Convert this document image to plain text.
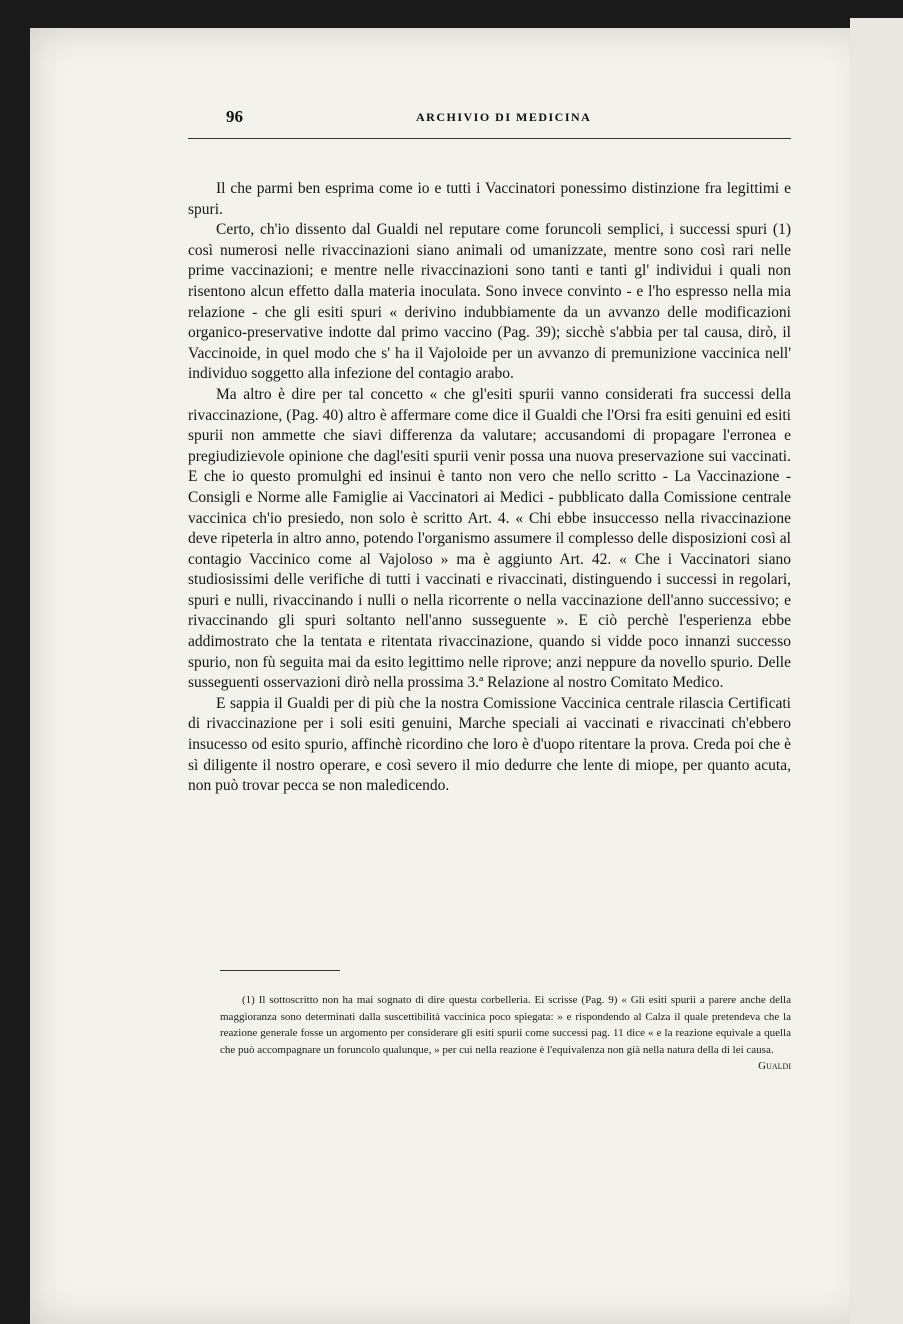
96	ARCHIVIO DI MEDICINA

Il che parmi ben esprima come io e tutti i Vaccinatori ponessimo distinzione fra legittimi e spuri.

Certo, ch'io dissento dal Gualdi nel reputare come foruncoli semplici, i successi spuri (1) così numerosi nelle rivaccinazioni siano animali od umanizzate, mentre sono così rari nelle prime vaccinazioni; e mentre nelle rivaccinazioni sono tanti e tanti gl' individui i quali non risentono alcun effetto dalla materia inoculata. Sono invece convinto - e l'ho espresso nella mia relazione - che gli esiti spuri « derivino indubbiamente da un avvanzo delle modificazioni organico-preservative indotte dal primo vaccino (Pag. 39); sicchè s'abbia per tal causa, dirò, il Vaccinoide, in quel modo che s' ha il Vajoloide per un avvanzo di premunizione vaccinica nell' individuo soggetto alla infezione del contagio arabo.

Ma altro è dire per tal concetto « che gl'esiti spurii vanno considerati fra successi della rivaccinazione, (Pag. 40) altro è affermare come dice il Gualdi che l'Orsi fra esiti genuini ed esiti spurii non ammette che siavi differenza da valutare; accusandomi di propagare l'erronea e pregiudizievole opinione che dagl'esiti spurii venir possa una nuova preservazione sui vaccinati. E che io questo promulghi ed insinui è tanto non vero che nello scritto - La Vaccinazione - Consigli e Norme alle Famiglie ai Vaccinatori ai Medici - pubblicato dalla Comissione centrale vaccinica ch'io presiedo, non solo è scritto Art. 4. « Chi ebbe insuccesso nella rivaccinazione deve ripeterla in altro anno, potendo l'organismo assumere il complesso delle disposizioni così al contagio Vaccinico come al Vajoloso » ma è aggiunto Art. 42. « Che i Vaccinatori siano studiosissimi delle verifiche di tutti i vaccinati e rivaccinati, distinguendo i successi in regolari, spuri e nulli, rivaccinando i nulli o nella ricorrente o nella vaccinazione dell'anno successivo; e rivaccinando gli spuri soltanto nell'anno susseguente ». E ciò perchè l'esperienza ebbe addimostrato che la tentata e ritentata rivaccinazione, quando si vidde poco innanzi successo spurio, non fù seguita mai da esito legittimo nelle riprove; anzi neppure da novello spurio. Delle susseguenti osservazioni dirò nella prossima 3.ª Relazione al nostro Comitato Medico.

E sappia il Gualdi per di più che la nostra Comissione Vaccinica centrale rilascia Certificati di rivaccinazione per i soli esiti genuini, Marche speciali ai vaccinati e rivaccinati ch'ebbero insucesso od esito spurio, affinchè ricordino che loro è d'uopo ritentare la prova. Creda poi che è sì diligente il nostro operare, e così severo il mio dedurre che lente di miope, per quanto acuta, non può trovar pecca se non maledicendo.

(1) Il sottoscritto non ha mai sognato di dire questa corbelleria. Ei scrisse (Pag. 9) « Gli esiti spurii a parere anche della maggioranza sono determinati dalla suscettibilità vaccinica poco spiegata: » e rispondendo al Calza il quale pretendeva che la reazione generale fosse un argomento per considerare gli esiti spurii come successi pag. 11 dice « e la reazione equivale a quella che può accompagnare un foruncolo qualunque, » per cui nella reazione è l'equivalenza non già nella natura della di lei causa.
Gualdi
